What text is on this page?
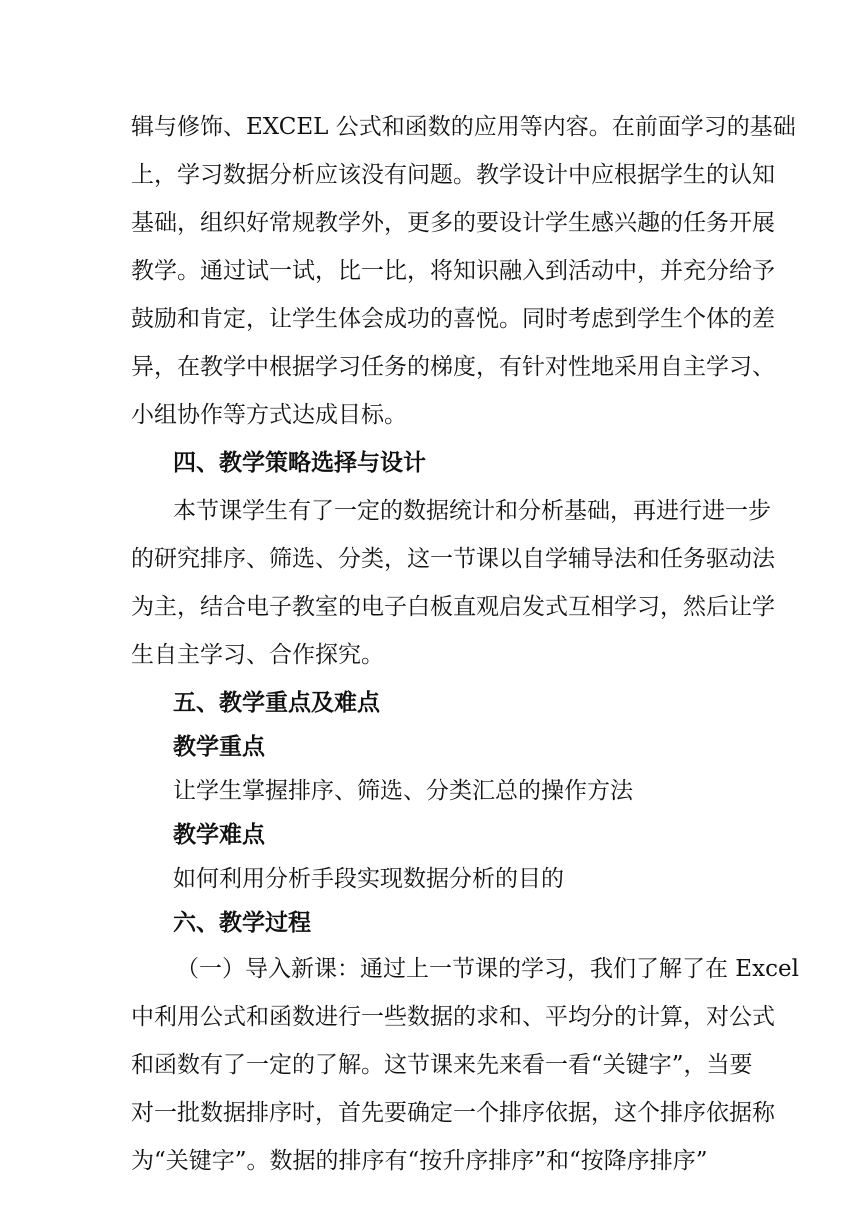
辑与修饰、EXCEL 公式和函数的应用等内容。在前面学习的基础
上，学习数据分析应该没有问题。教学设计中应根据学生的认知
基础，组织好常规教学外，更多的要设计学生感兴趣的任务开展
教学。通过试一试，比一比，将知识融入到活动中，并充分给予
鼓励和肯定，让学生体会成功的喜悦。同时考虑到学生个体的差
异，在教学中根据学习任务的梯度，有针对性地采用自主学习、
小组协作等方式达成目标。
四、教学策略选择与设计
本节课学生有了一定的数据统计和分析基础，再进行进一步
的研究排序、筛选、分类，这一节课以自学辅导法和任务驱动法
为主，结合电子教室的电子白板直观启发式互相学习，然后让学
生自主学习、合作探究。
五、教学重点及难点
教学重点
让学生掌握排序、筛选、分类汇总的操作方法
教学难点
如何利用分析手段实现数据分析的目的
六、教学过程
（一）导入新课：通过上一节课的学习，我们了解了在 Excel
中利用公式和函数进行一些数据的求和、平均分的计算，对公式
和函数有了一定的了解。这节课来先来看一看“关键字”，当要
对一批数据排序时，首先要确定一个排序依据，这个排序依据称
为“关键字”。数据的排序有“按升序排序”和“按降序排序”
